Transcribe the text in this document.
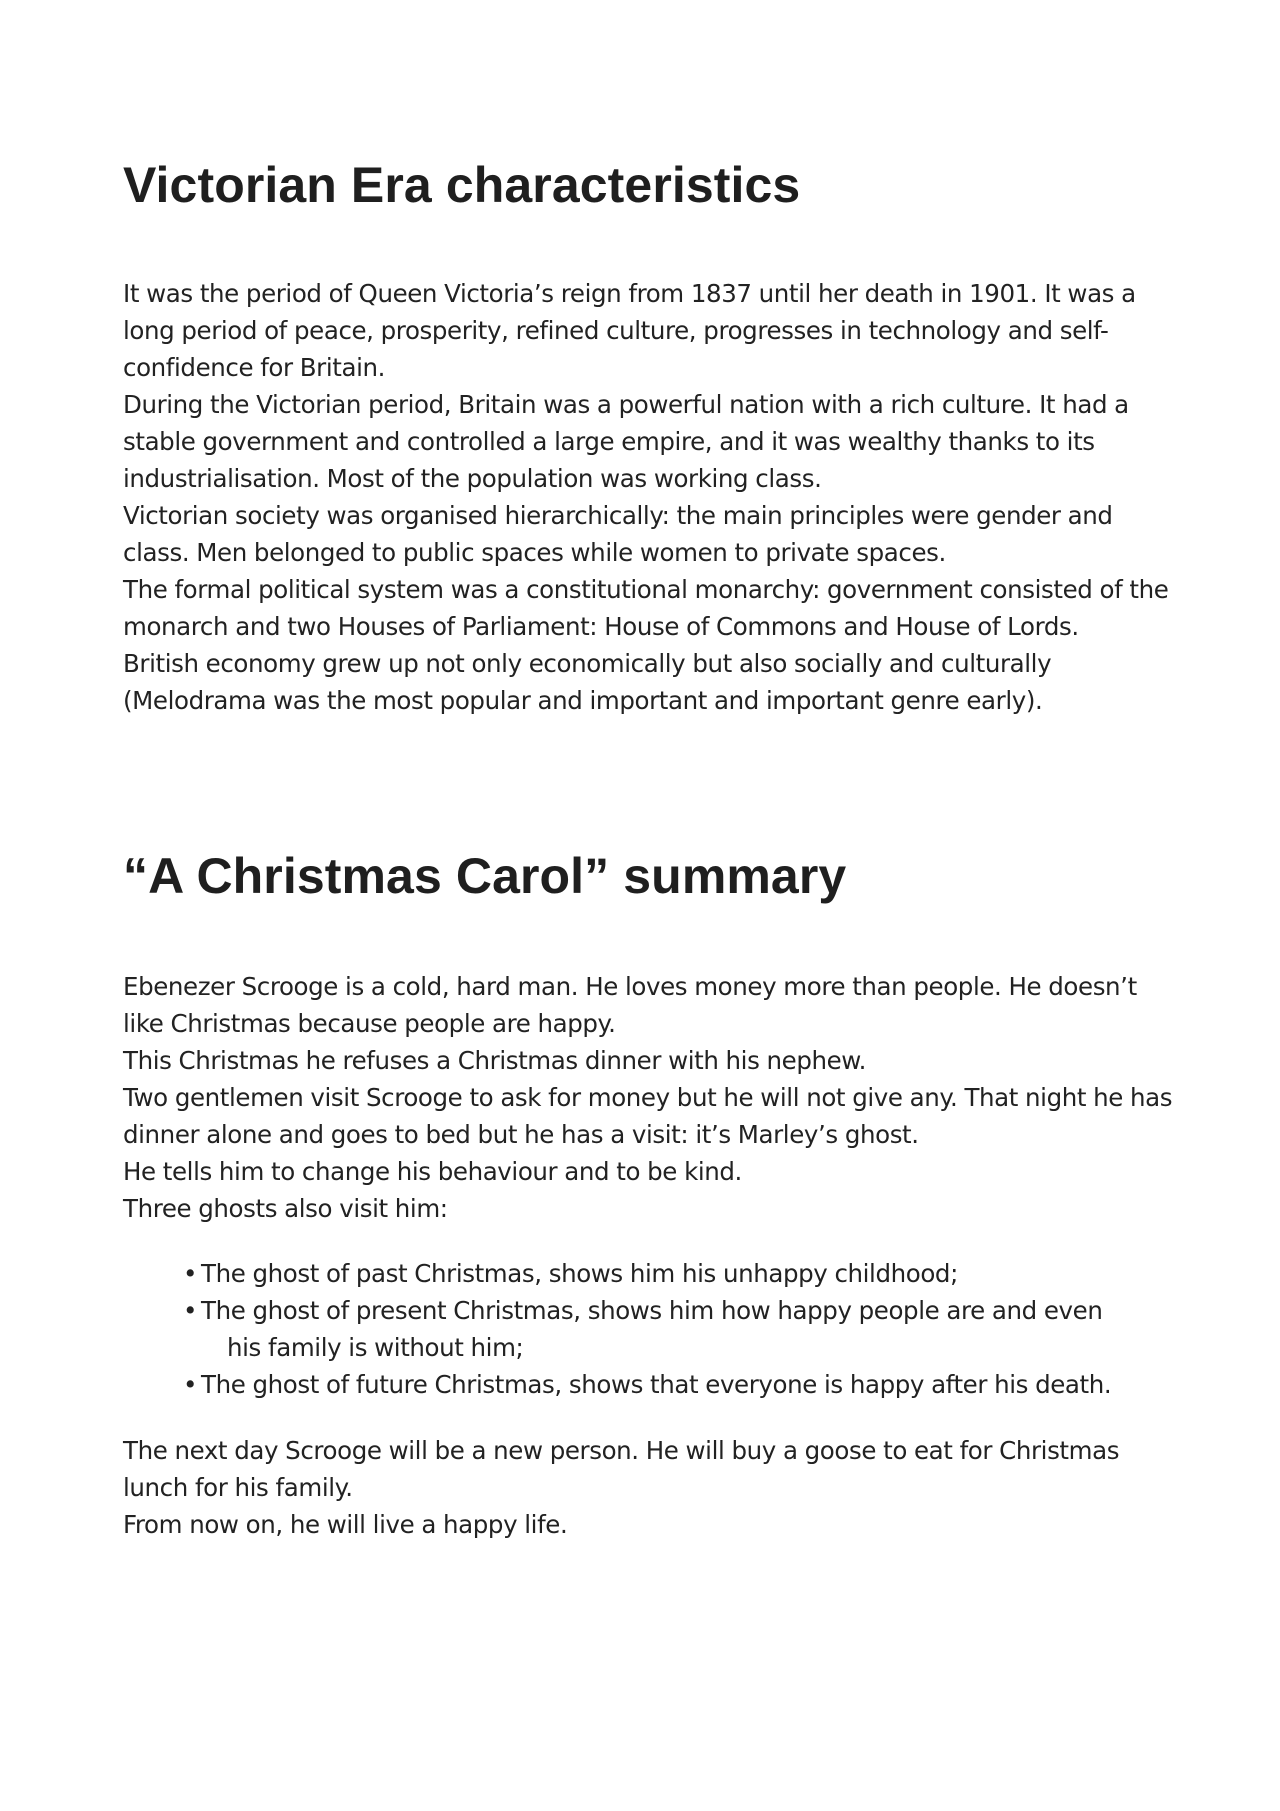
Victorian Era characteristics

It was the period of Queen Victoria’s reign from 1837 until her death in 1901. It was a long period of peace, prosperity, refined culture, progresses in technology and self-confidence for Britain.

During the Victorian period, Britain was a powerful nation with a rich culture. It had a stable government and controlled a large empire, and it was wealthy thanks to its industrialisation. Most of the population was working class.

Victorian society was organised hierarchically: the main principles were gender and class. Men belonged to public spaces while women to private spaces.

The formal political system was a constitutional monarchy: government consisted of the monarch and two Houses of Parliament: House of Commons and House of Lords.

British economy grew up not only economically but also socially and culturally (Melodrama was the most popular and important and important genre early).

“A Christmas Carol” summary

Ebenezer Scrooge is a cold, hard man. He loves money more than people. He doesn’t like Christmas because people are happy.

This Christmas he refuses a Christmas dinner with his nephew.

Two gentlemen visit Scrooge to ask for money but he will not give any. That night he has dinner alone and goes to bed but he has a visit: it’s Marley’s ghost.

He tells him to change his behaviour and to be kind.

Three ghosts also visit him:

• The ghost of past Christmas, shows him his unhappy childhood;
• The ghost of present Christmas, shows him how happy people are and even
his family is without him;
• The ghost of future Christmas, shows that everyone is happy after his death.

The next day Scrooge will be a new person. He will buy a goose to eat for Christmas lunch for his family.

From now on, he will live a happy life.
